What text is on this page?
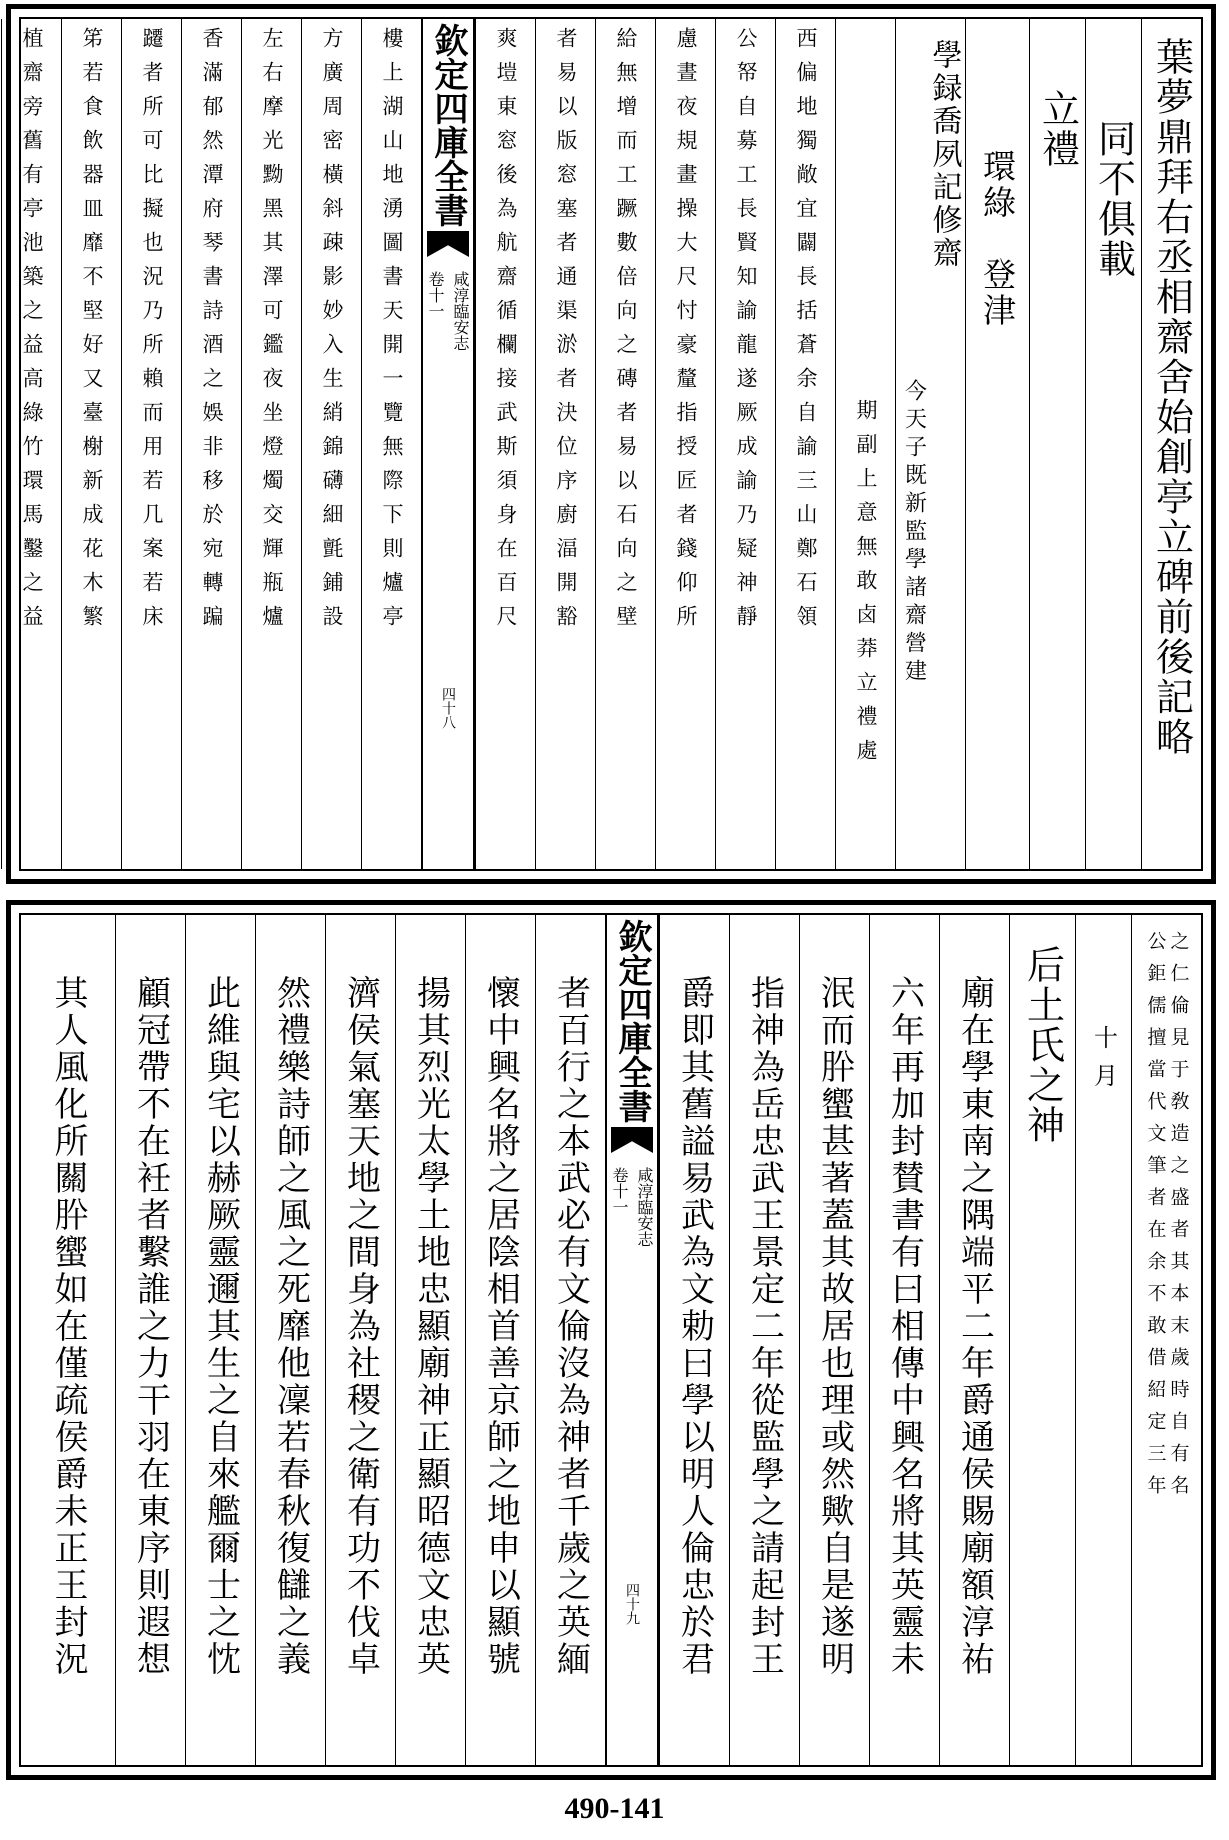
葉夢鼎拜右丞相齋舍始創亭立碑前後記略
同不俱載
立禮
環綠　登津
學録喬夙記修齋
今天子既新監學諸齋營建
期副上意無敢卤莽立禮處
西偏地獨敞宜闢長括蒼余自諭三山鄭石領
公帑自募工長賢知諭龍遂厥成諭乃疑神靜
慮晝夜規畫操大尺忖豪釐指授匠者錢仰所
給無增而工蹶數倍向之磚者易以石向之壁
者易以版窓塞者通渠淤者決位序廚湢開豁
爽塏東窓後為航齋循欄接武斯須身在百尺
欽定四庫全書
咸淳臨安志
卷十一
四十八
樓上湖山地湧圖書天開一覽無際下則爐亭
方廣周密橫斜疎影妙入生綃錦礴細氈鋪設
左右摩光黝黑其澤可鑑夜坐燈燭交輝瓶爐
香滿郁然潭府琴書詩酒之娛非移於宛轉蹁
躚者所可比擬也況乃所賴而用若几案若床
笫若食飲器皿靡不堅好又臺榭新成花木繁
植齋旁舊有亭池築之益高綠竹環馬鑿之益
之仁倫見于敎造之盛者其本末歲時自有名
公鉅儒擅當代文筆者在余不敢借紹定三年
十月
后土氏之神
廟在學東南之隅端平二年爵通侯賜廟額淳祐
六年再加封賛書有曰相傳中興名將其英靈未
泯而肸蠁甚著蓋其故居也理或然歟自是遂明
指神為岳忠武王景定二年從監學之請起封王
爵即其舊謚易武為文勅曰學以明人倫忠於君
欽定四庫全書
咸淳臨安志
卷十一
四十九
者百行之本武必有文倫沒為神者千歲之英緬
懷中興名將之居陰相首善京師之地申以顯號
揚其烈光太學土地忠顯廟神正顯昭德文忠英
濟侯氣塞天地之間身為社稷之衛有功不伐卓
然禮樂詩師之風之死靡他凜若春秋復讎之義
此維與宅以赫厥靈邇其生之自來艦爾士之忱
顧冠帶不在衽者繫誰之力干羽在東序則遐想
其人風化所關肸蠁如在僅疏侯爵未正王封況
490-141
